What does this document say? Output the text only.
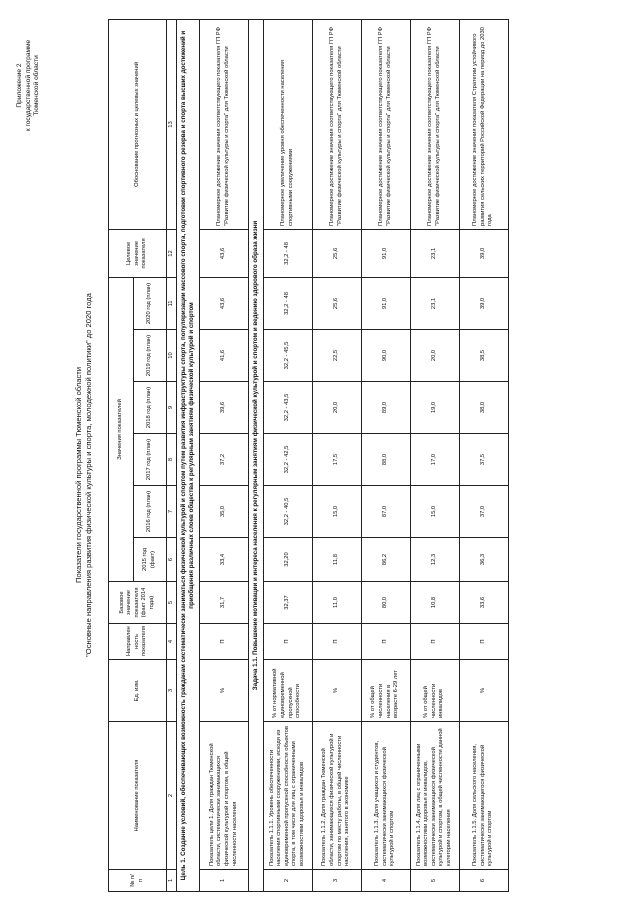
Приложение 2 к государственной программе Тюменской области
Показатели государственной программы Тюменской области "Основные направления развития физической культуры и спорта, молодежной политики" до 2020 года
№ п/п	Наименование показателя	Ед. изм.	Направлен ность показателя	Базовое значение показателя (факт 2014 года)	Значения показателей						Целевое значение показателя	Обоснование прогнозных и целевых значений
					2015 год (факт)	2016 год (план)	2017 год (план)	2018 год (план)	2019 год (план)	2020 год (план)		
1	2	3	4	5	6	7	8	9	10	11	12	13
Цель 1. Создание условий, обеспечивающих возможность гражданам систематически заниматься физической культурой и спортом путем развития инфраструктуры спорта, популяризации массового спорта, подготовки спортивного резерва и спорта высших достижений и приобщения различных слоев общества к регулярным занятиям физической культурой и спортом												
1	Показатель цели 1. Доля граждан Тюменской области, систематически занимающихся физической культурой и спортом, в общей численности населения	%	П	31,7	33,4	35,0	37,2	39,6	41,6	43,6	43,6	Планомерное достижение значения соответствующего показателя ГП РФ "Развитие физической культуры и спорта" для Тюменской области
Задача 1.1. Повышение мотивации и интереса населения к регулярным занятиям физической культурой и спортом и ведению здорового образа жизни												
2	Показатель 1.1.1. Уровень обеспеченности населения спортивными сооружениями, исходя из единовременной пропускной способности объектов спорта, в том числе для лиц с ограниченными возможностями здоровья и инвалидов	% от нормативной единовременной пропускной способности	П	32,37	32,20	32,2 - 40,5	32,2 - 42,5	32,2 - 43,5	32,2 - 45,5	32,2 - 48	32,2 - 48	Планомерное увеличение уровня обеспеченности населения спортивными сооружениями
3	Показатель 1.1.2. Доля граждан Тюменской области, занимающихся физической культурой и спортом по месту работы, в общей численности населения, занятого в экономике	%	П	11,0	11,8	15,0	17,5	20,0	22,5	25,6	25,6	Планомерное достижение значения соответствующего показателя ГП РФ "Развитие физической культуры и спорта" для Тюменской области
4	Показатель 1.1.3. Доля учащихся и студентов, систематически занимающихся физической культурой и спортом	% от общей численности населения в возрасте 6-29 лет	П	80,0	86,2	87,0	88,0	89,0	90,0	91,0	91,0	Планомерное достижение значения соответствующего показателя ГП РФ "Развитие физической культуры и спорта" для Тюменской области
5	Показатель 1.1.4. Доля лиц с ограниченными возможностями здоровья и инвалидов, систематически занимающихся физической культурой и спортом, в общей численности данной категории населения	% от общей численности инвалидов	П	10,8	12,3	15,0	17,0	19,0	20,0	23,1	23,1	Планомерное достижение значения соответствующего показателя ГП РФ "Развитие физической культуры и спорта" для Тюменской области
6	Показатель 1.1.5. Доля сельского населения, систематически занимающегося физической культурой и спортом	%	П	33,6	36,3	37,0	37,5	38,0	38,5	39,0	39,0	Планомерное достижение значения показателя Стратегии устойчивого развития сельских территорий Российской Федерации на период до 2030 года
